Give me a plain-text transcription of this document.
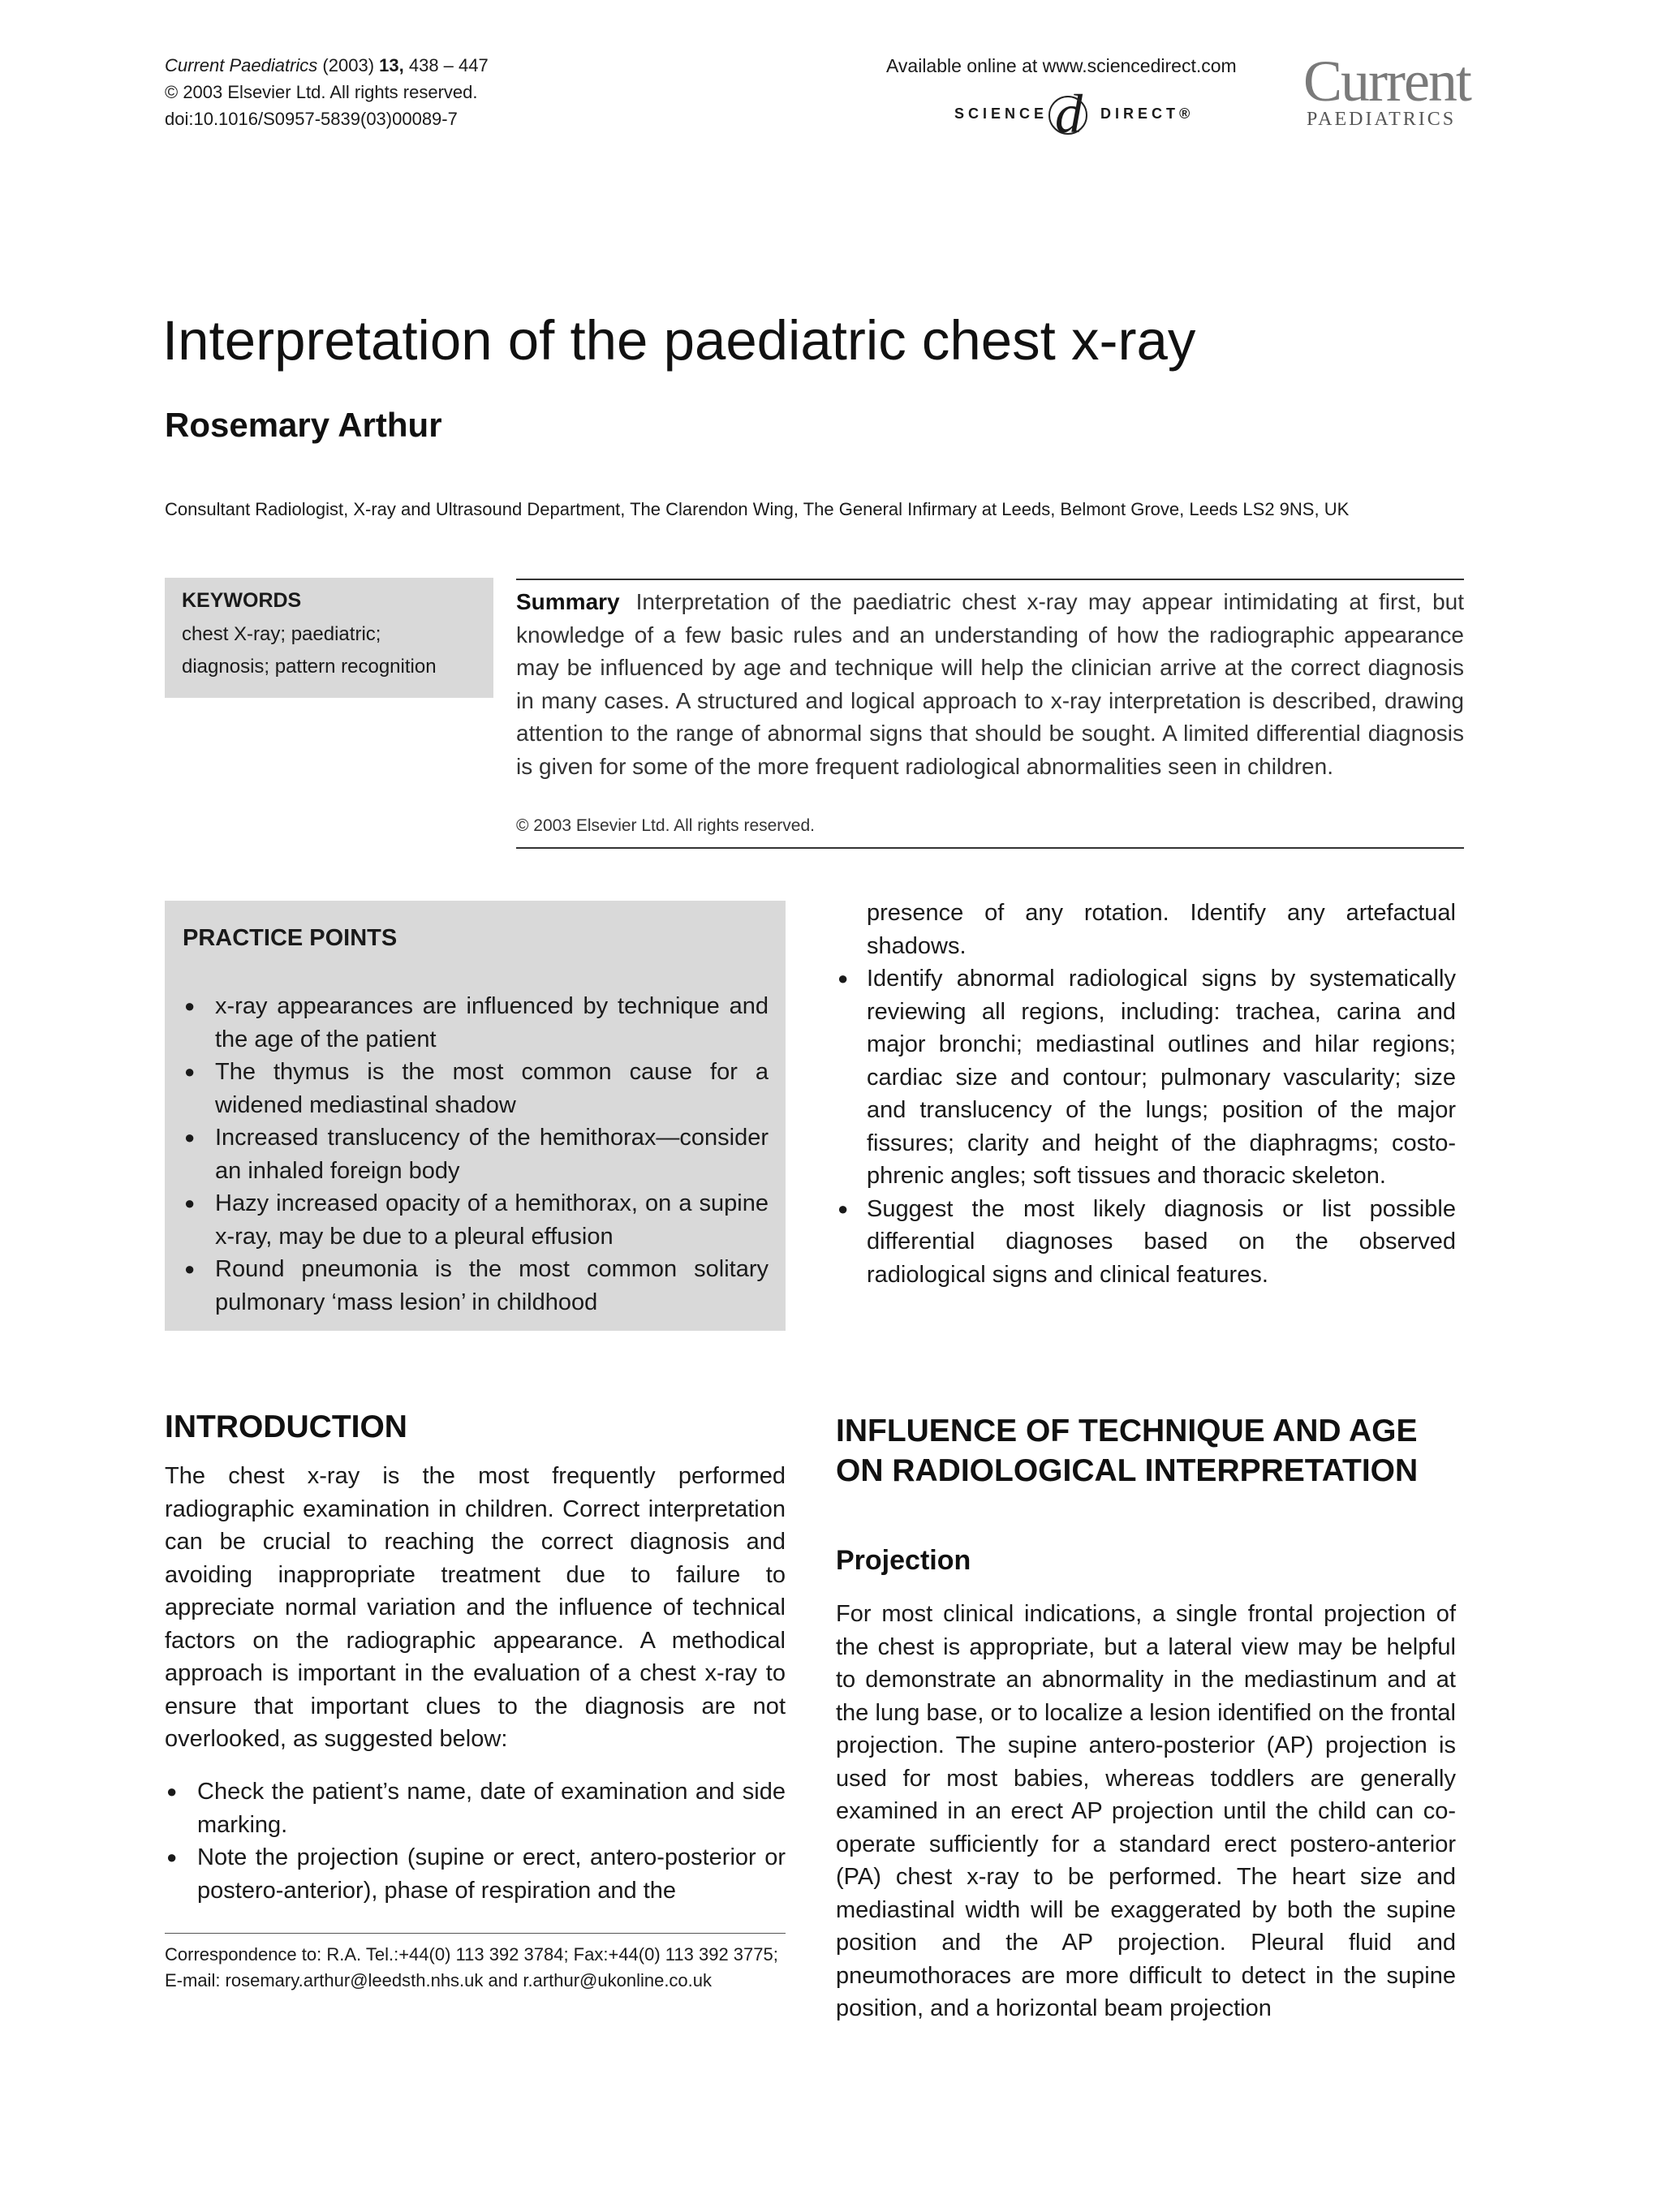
Current Paediatrics (2003) 13, 438 – 447
© 2003 Elsevier Ltd. All rights reserved.
doi:10.1016/S0957-5839(03)00089-7
Available online at www.sciencedirect.com
SCIENCE d DIRECT® Current
PAEDIATRICS
Interpretation of the paediatric chest x-ray
Rosemary Arthur
Consultant Radiologist, X-ray and Ultrasound Department, The Clarendon Wing, The General Infirmary at Leeds, Belmont Grove, Leeds LS2 9NS, UK
KEYWORDS
chest X-ray; paediatric;
diagnosis; pattern recognition
Summary Interpretation of the paediatric chest x-ray may appear intimidating at first, but knowledge of a few basic rules and an understanding of how the radiographic appearance may be influenced by age and technique will help the clinician arrive at the correct diagnosis in many cases. A structured and logical approach to x-ray interpretation is described, drawing attention to the range of abnormal signs that should be sought. A limited differential diagnosis is given for some of the more frequent radiological abnormalities seen in children.
© 2003 Elsevier Ltd. All rights reserved.
PRACTICE POINTS
● x-ray appearances are influenced by technique and the age of the patient
● The thymus is the most common cause for a widened mediastinal shadow
● Increased translucency of the hemithorax—consider an inhaled foreign body
● Hazy increased opacity of a hemithorax, on a supine x-ray, may be due to a pleural effusion
● Round pneumonia is the most common solitary pulmonary ‘mass lesion’ in childhood
presence of any rotation. Identify any artefactual shadows.
● Identify abnormal radiological signs by systematically reviewing all regions, including: trachea, carina and major bronchi; mediastinal outlines and hilar regions; cardiac size and contour; pulmonary vascularity; size and translucency of the lungs; position of the major fissures; clarity and height of the diaphragms; costo-phrenic angles; soft tissues and thoracic skeleton.
● Suggest the most likely diagnosis or list possible differential diagnoses based on the observed radiological signs and clinical features.
INTRODUCTION
The chest x-ray is the most frequently performed radiographic examination in children. Correct interpretation can be crucial to reaching the correct diagnosis and avoiding inappropriate treatment due to failure to appreciate normal variation and the influence of technical factors on the radiographic appearance. A methodical approach is important in the evaluation of a chest x-ray to ensure that important clues to the diagnosis are not overlooked, as suggested below:
● Check the patient’s name, date of examination and side marking.
● Note the projection (supine or erect, antero-posterior or postero-anterior), phase of respiration and the
Correspondence to: R.A. Tel.:+44(0) 113 392 3784; Fax:+44(0) 113 392 3775; E-mail: rosemary.arthur@leedsth.nhs.uk and r.arthur@ukonline.co.uk
INFLUENCE OF TECHNIQUE AND AGE ON RADIOLOGICAL INTERPRETATION
Projection
For most clinical indications, a single frontal projection of the chest is appropriate, but a lateral view may be helpful to demonstrate an abnormality in the mediastinum and at the lung base, or to localize a lesion identified on the frontal projection. The supine antero-posterior (AP) projection is used for most babies, whereas toddlers are generally examined in an erect AP projection until the child can co-operate sufficiently for a standard erect postero-anterior (PA) chest x-ray to be performed. The heart size and mediastinal width will be exaggerated by both the supine position and the AP projection. Pleural fluid and pneumothoraces are more difficult to detect in the supine position, and a horizontal beam projection
